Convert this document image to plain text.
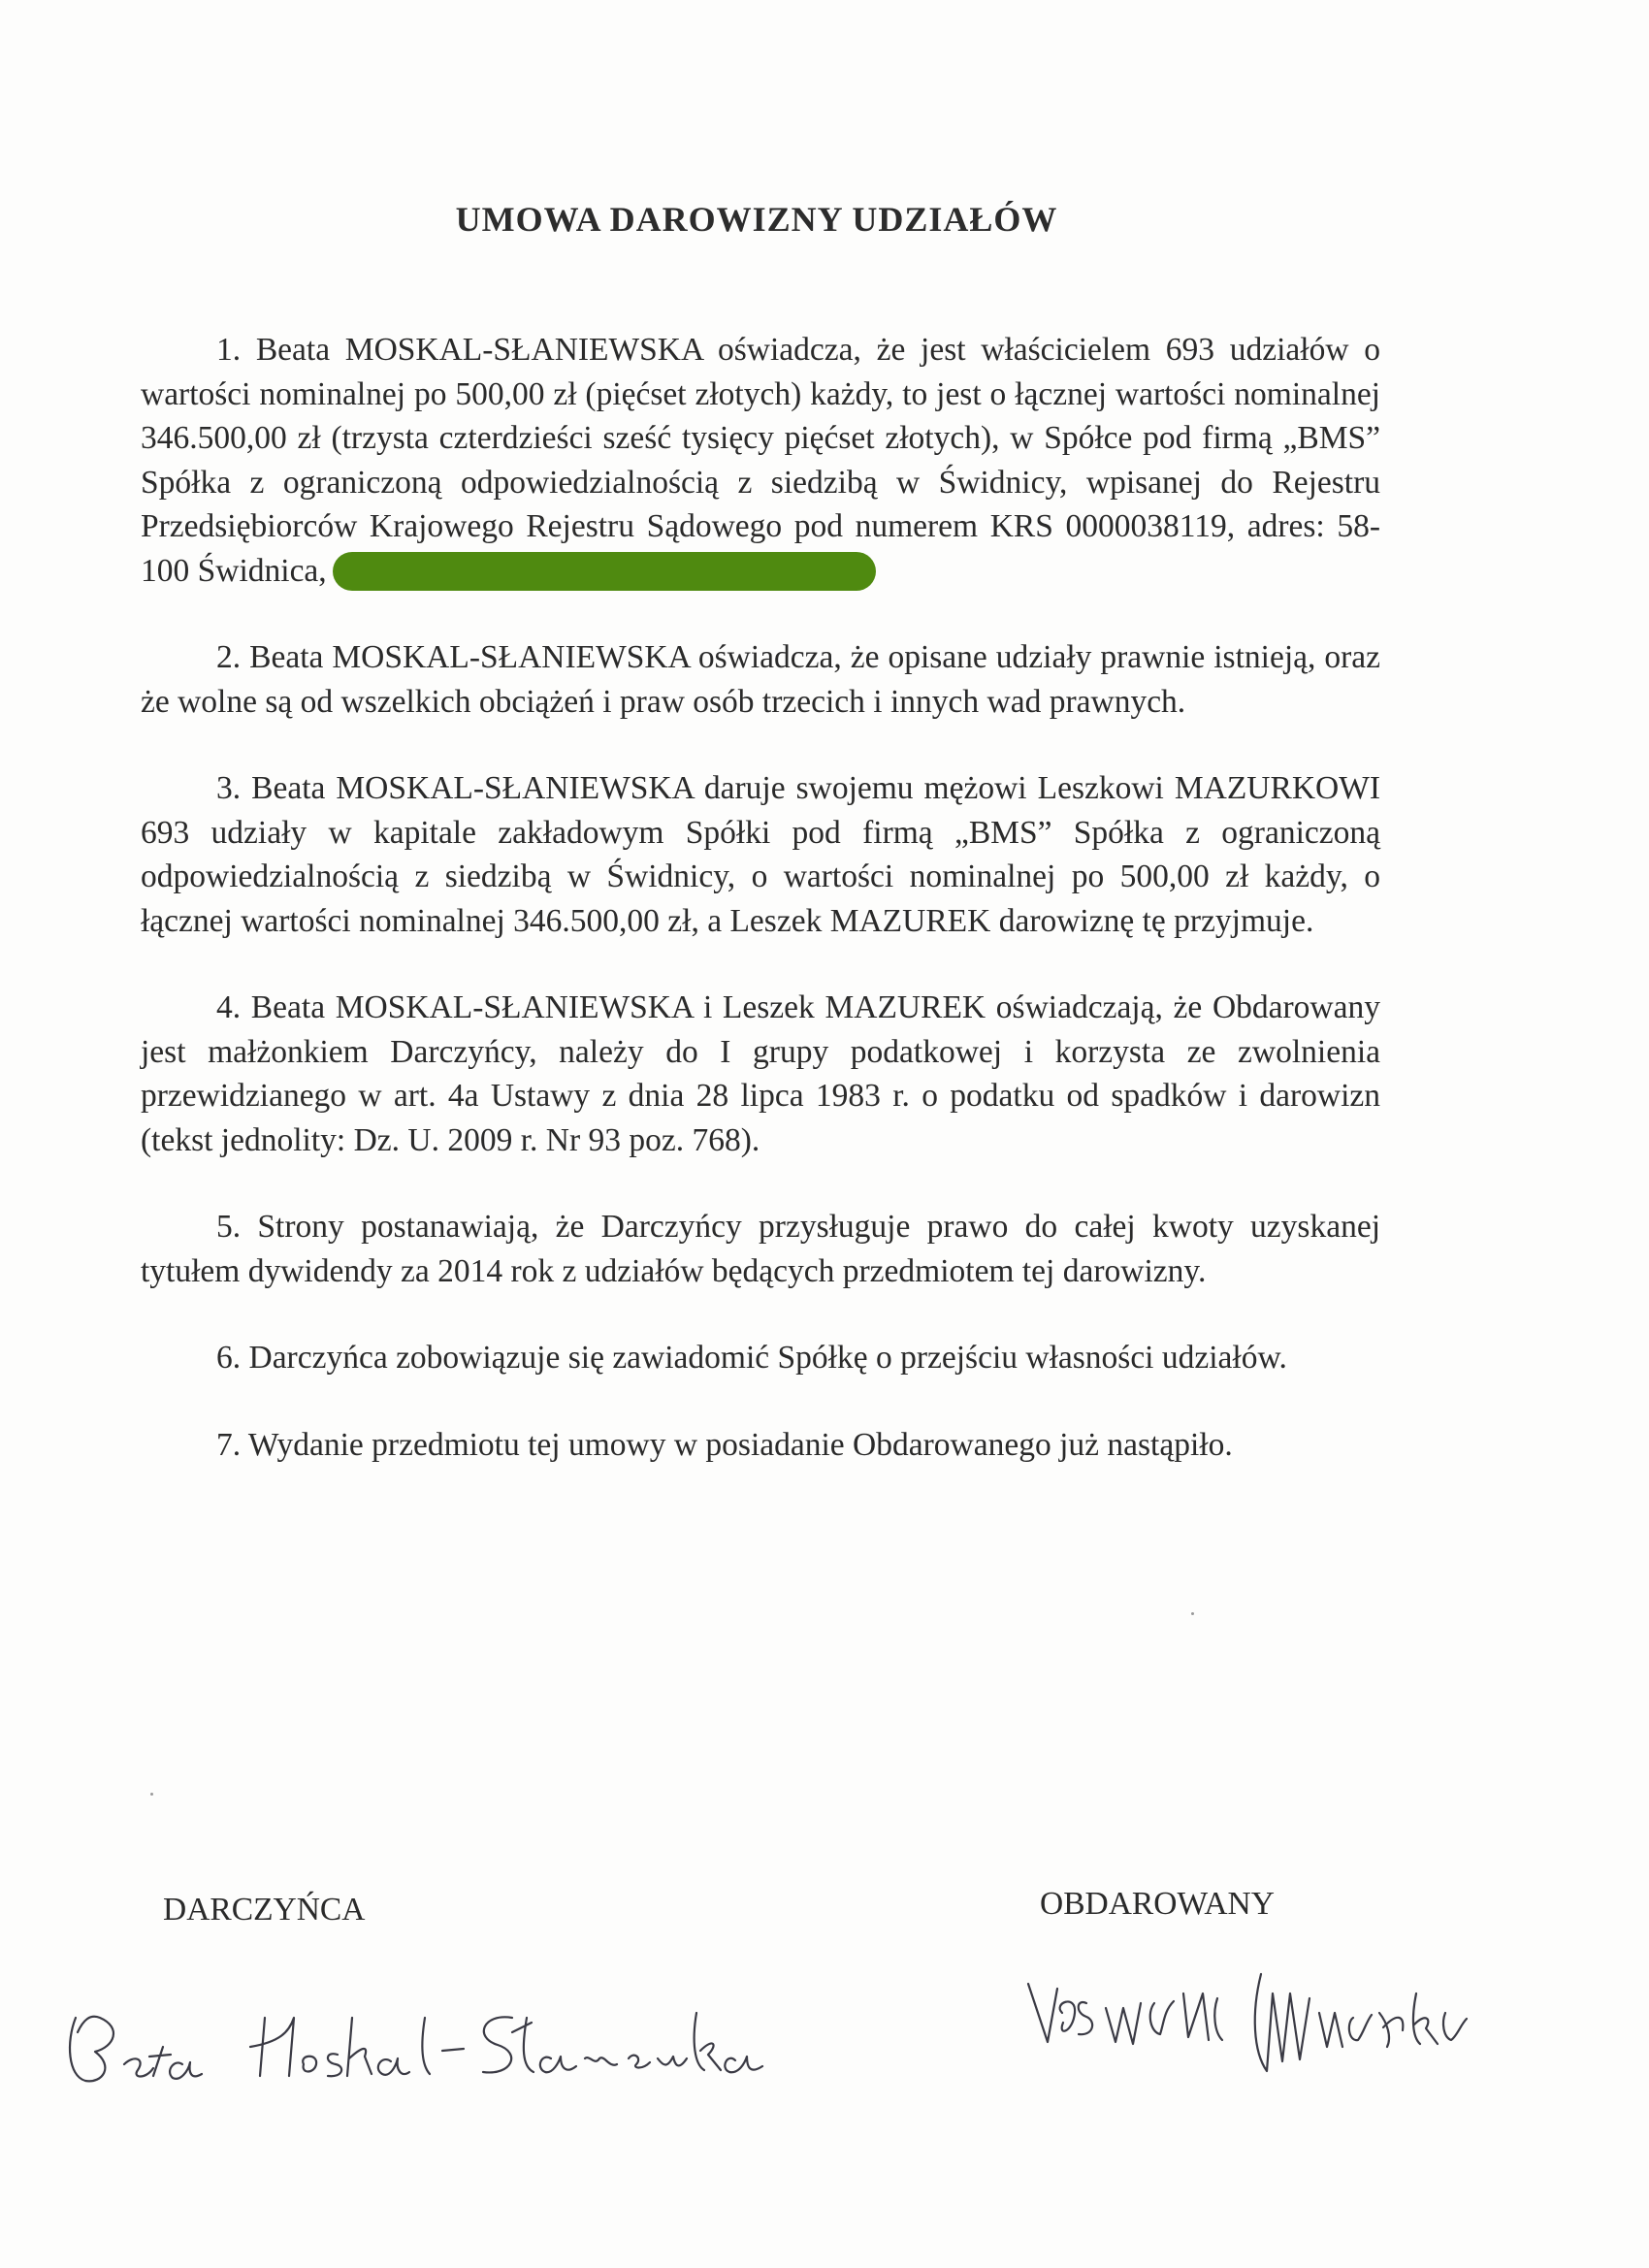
UMOWA DAROWIZNY UDZIAŁÓW

1. Beata MOSKAL-SŁANIEWSKA oświadcza, że jest właścicielem 693 udziałów o wartości nominalnej po 500,00 zł (pięćset złotych) każdy, to jest o łącznej wartości nominalnej 346.500,00 zł (trzysta czterdzieści sześć tysięcy pięćset złotych), w Spółce pod firmą „BMS” Spółka z ograniczoną odpowiedzialnością z siedzibą w Świdnicy, wpisanej do Rejestru Przedsiębiorców Krajowego Rejestru Sądowego pod numerem KRS 0000038119, adres: 58-100 Świdnica,

2. Beata MOSKAL-SŁANIEWSKA oświadcza, że opisane udziały prawnie istnieją, oraz że wolne są od wszelkich obciążeń i praw osób trzecich i innych wad prawnych.

3. Beata MOSKAL-SŁANIEWSKA daruje swojemu mężowi Leszkowi MAZURKOWI 693 udziały w kapitale zakładowym Spółki pod firmą „BMS” Spółka z ograniczoną odpowiedzialnością z siedzibą w Świdnicy, o wartości nominalnej po 500,00 zł każdy, o łącznej wartości nominalnej 346.500,00 zł, a Leszek MAZUREK darowiznę tę przyjmuje.

4. Beata MOSKAL-SŁANIEWSKA i Leszek MAZUREK oświadczają, że Obdarowany jest małżonkiem Darczyńcy, należy do I grupy podatkowej i korzysta ze zwolnienia przewidzianego w art. 4a Ustawy z dnia 28 lipca 1983 r. o podatku od spadków i darowizn (tekst jednolity: Dz. U. 2009 r. Nr 93 poz. 768).

5. Strony postanawiają, że Darczyńcy przysługuje prawo do całej kwoty uzyskanej tytułem dywidendy za 2014 rok z udziałów będących przedmiotem tej darowizny.

6. Darczyńca zobowiązuje się zawiadomić Spółkę o przejściu własności udziałów.

7. Wydanie przedmiotu tej umowy w posiadanie Obdarowanego już nastąpiło.

DARCZYŃCA	OBDAROWANY
